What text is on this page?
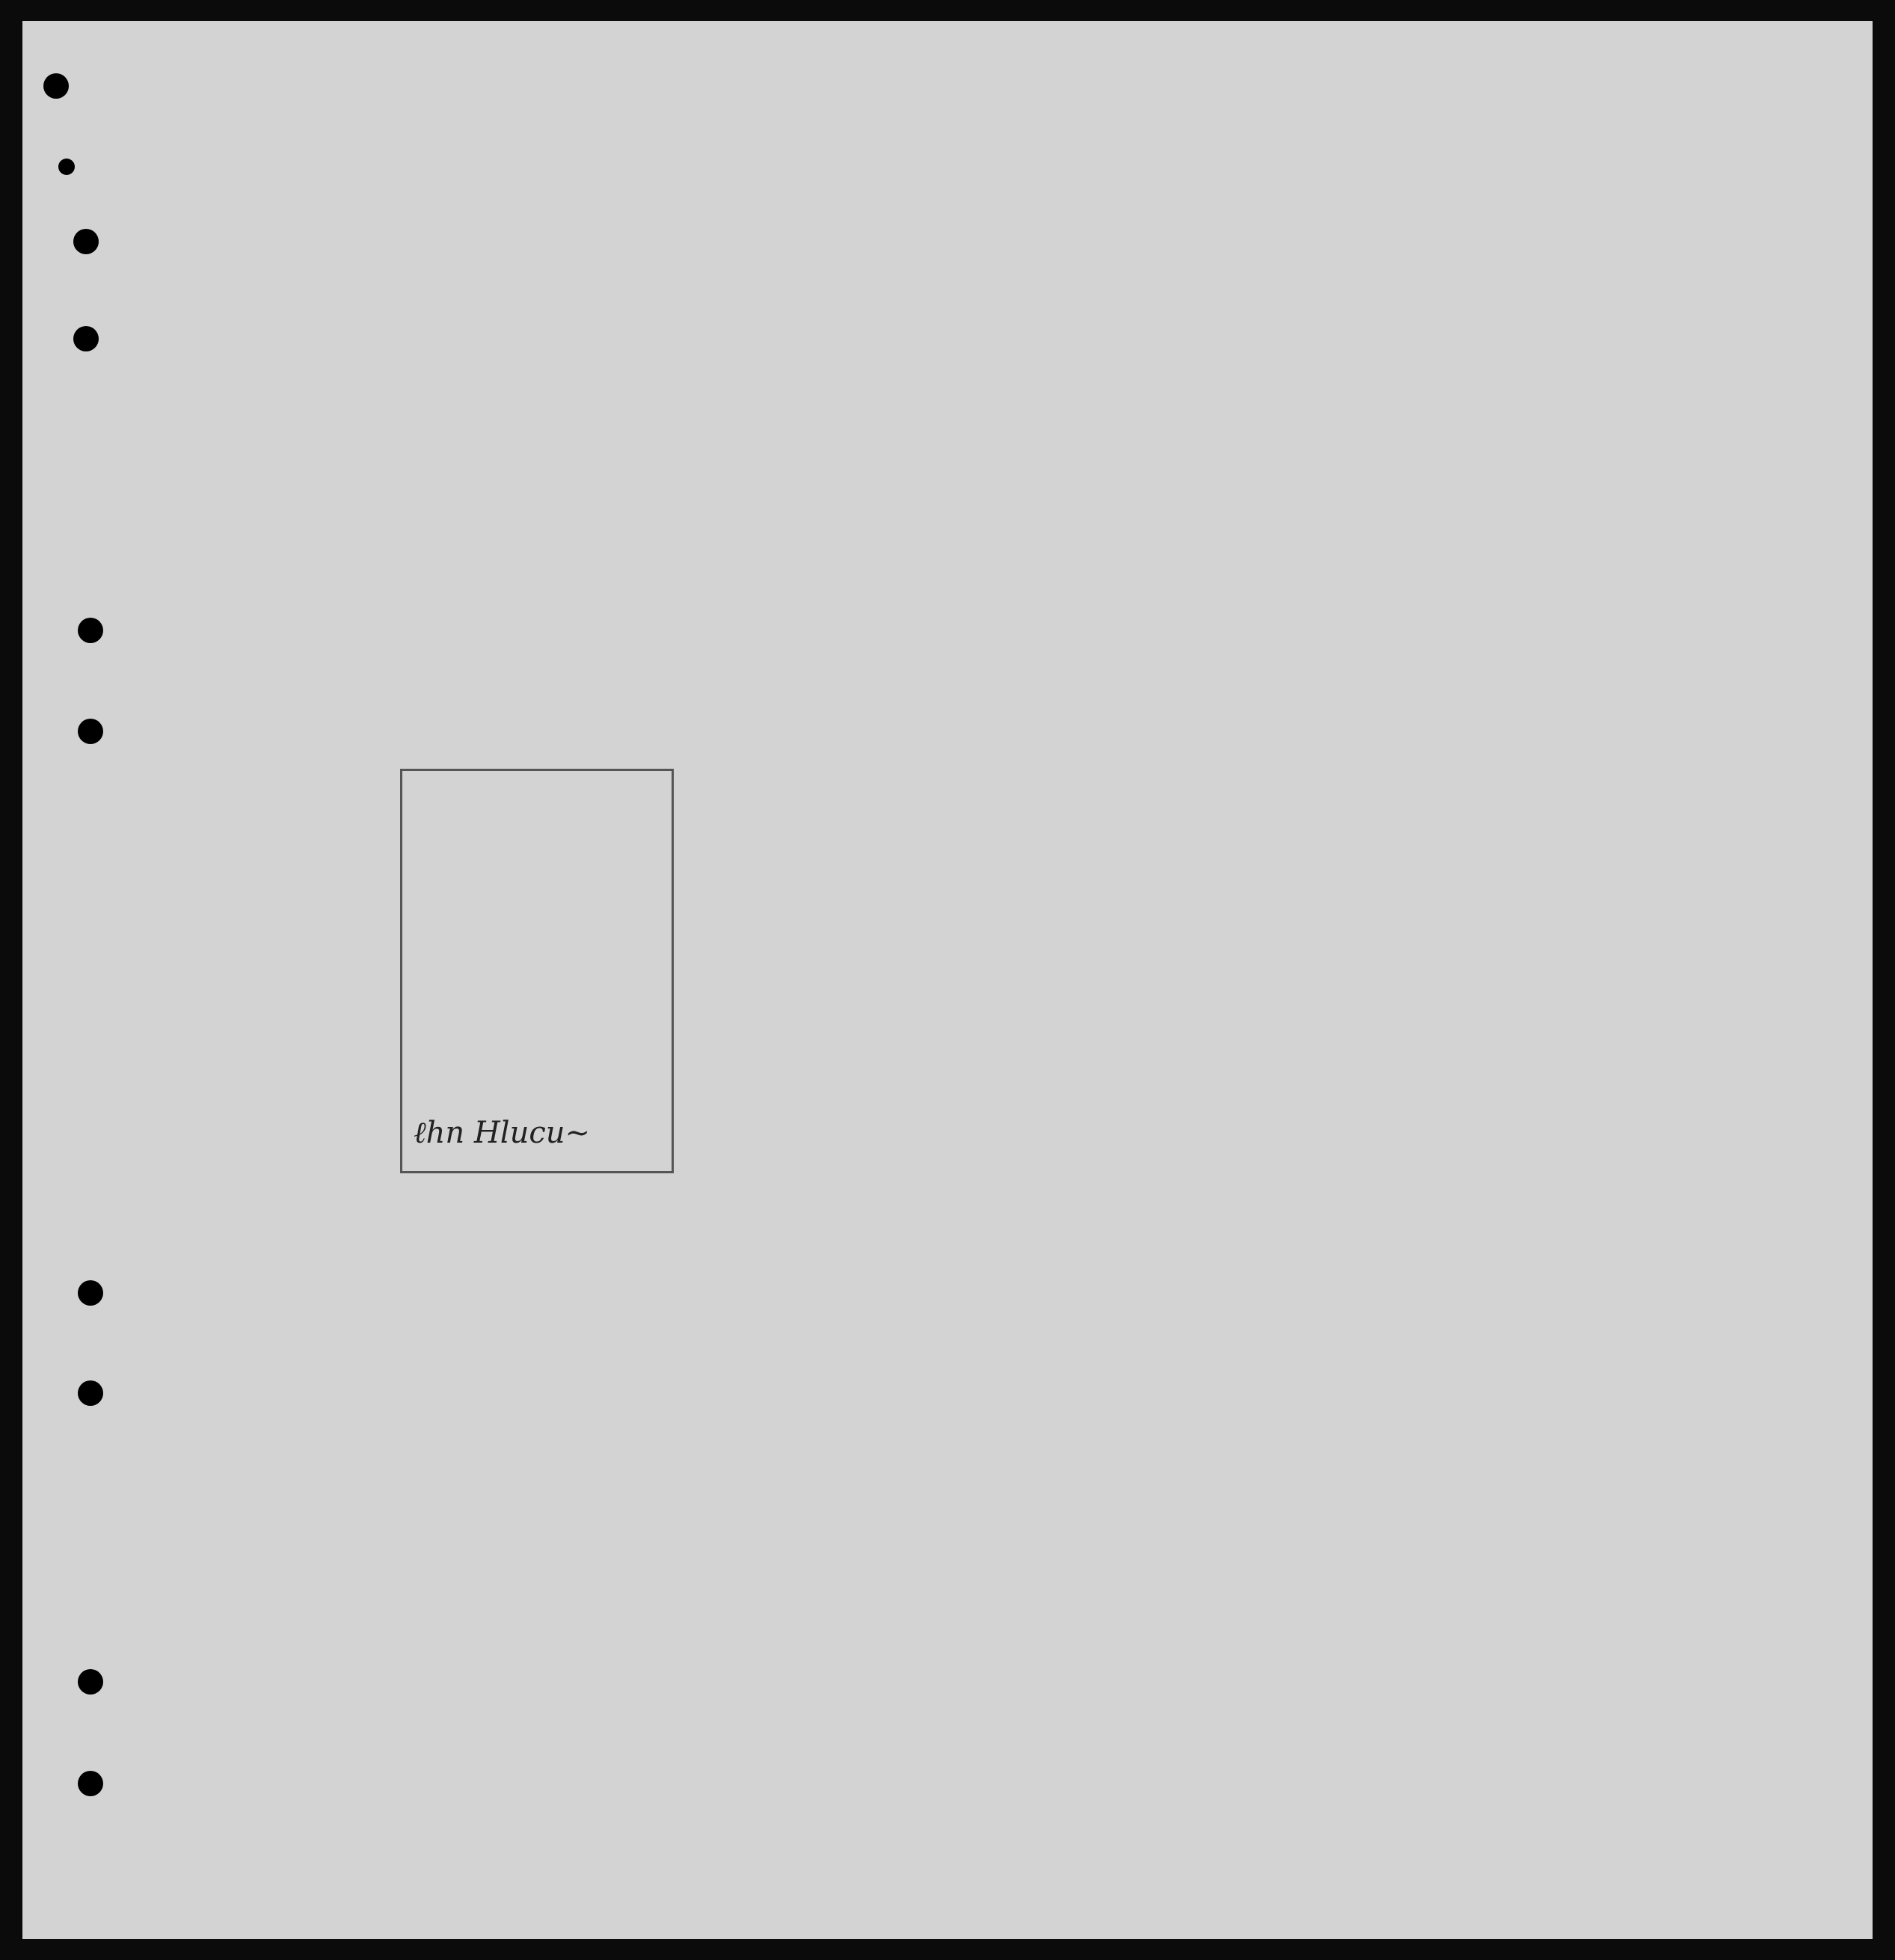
ℓℎn Hlucu∼
